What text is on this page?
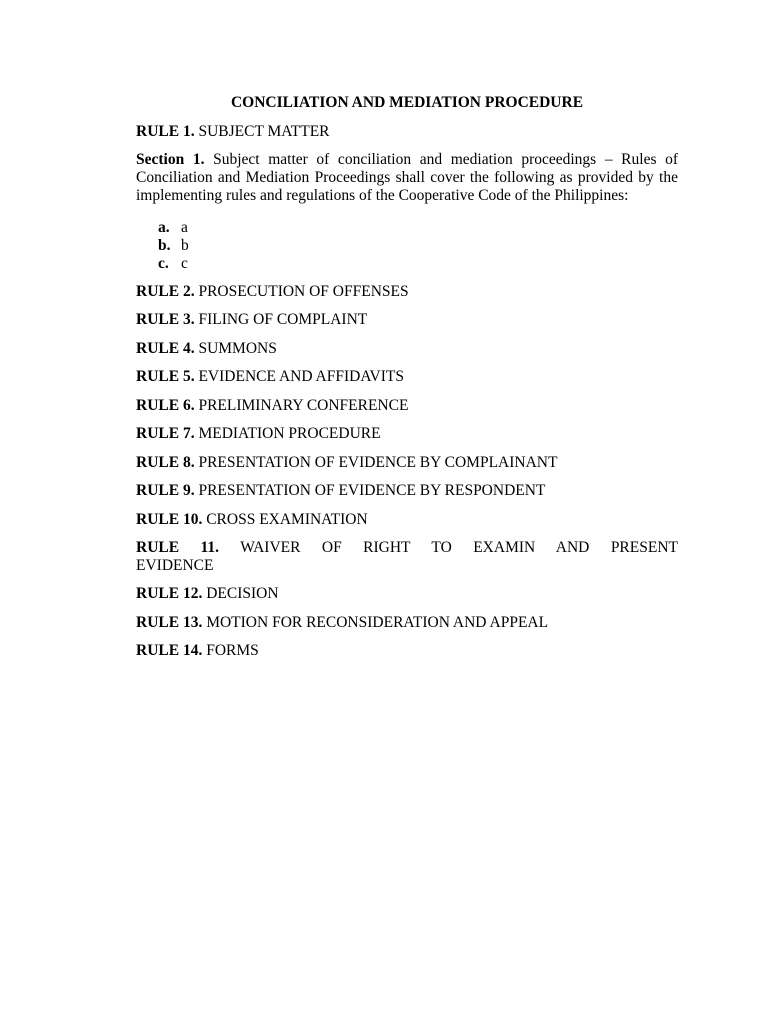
CONCILIATION AND MEDIATION PROCEDURE

RULE 1. SUBJECT MATTER

Section 1. Subject matter of conciliation and mediation proceedings – Rules of Conciliation and Mediation Proceedings shall cover the following as provided by the implementing rules and regulations of the Cooperative Code of the Philippines:

a. a
b. b
c. c

RULE 2. PROSECUTION OF OFFENSES

RULE 3. FILING OF COMPLAINT

RULE 4. SUMMONS

RULE 5. EVIDENCE AND AFFIDAVITS

RULE 6. PRELIMINARY CONFERENCE

RULE 7. MEDIATION PROCEDURE

RULE 8. PRESENTATION OF EVIDENCE BY COMPLAINANT

RULE 9. PRESENTATION OF EVIDENCE BY RESPONDENT

RULE 10. CROSS EXAMINATION

RULE 11. WAIVER OF RIGHT TO EXAMIN AND PRESENT
EVIDENCE

RULE 12. DECISION

RULE 13. MOTION FOR RECONSIDERATION AND APPEAL

RULE 14. FORMS
